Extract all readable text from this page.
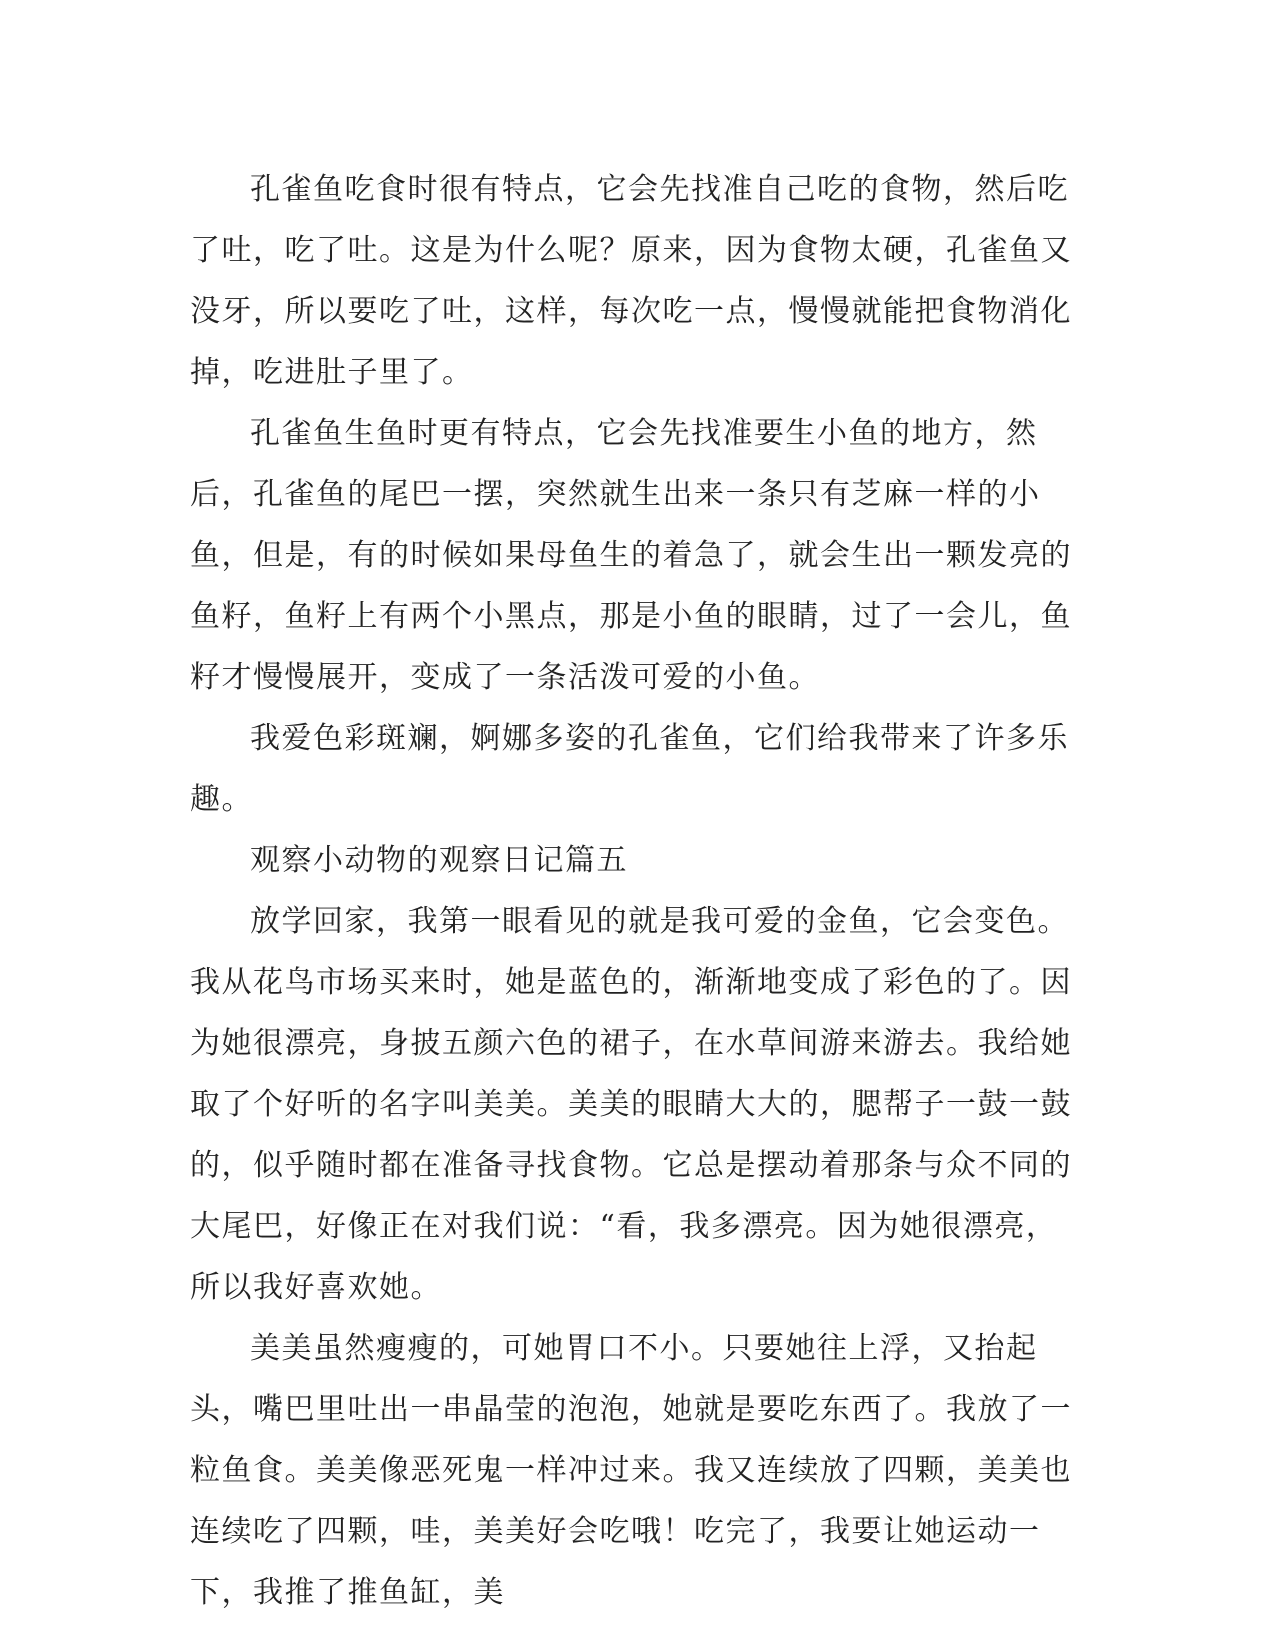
孔雀鱼吃食时很有特点，它会先找准自己吃的食物，然后吃了吐，吃了吐。这是为什么呢？原来，因为食物太硬，孔雀鱼又没牙，所以要吃了吐，这样，每次吃一点，慢慢就能把食物消化掉，吃进肚子里了。

孔雀鱼生鱼时更有特点，它会先找准要生小鱼的地方，然后，孔雀鱼的尾巴一摆，突然就生出来一条只有芝麻一样的小鱼，但是，有的时候如果母鱼生的着急了，就会生出一颗发亮的鱼籽，鱼籽上有两个小黑点，那是小鱼的眼睛，过了一会儿，鱼籽才慢慢展开，变成了一条活泼可爱的小鱼。

我爱色彩斑斓，婀娜多姿的孔雀鱼，它们给我带来了许多乐趣。

观察小动物的观察日记篇五

放学回家，我第一眼看见的就是我可爱的金鱼，它会变色。我从花鸟市场买来时，她是蓝色的，渐渐地变成了彩色的了。因为她很漂亮，身披五颜六色的裙子，在水草间游来游去。我给她取了个好听的名字叫美美。美美的眼睛大大的，腮帮子一鼓一鼓的，似乎随时都在准备寻找食物。它总是摆动着那条与众不同的大尾巴，好像正在对我们说：“看，我多漂亮。因为她很漂亮，所以我好喜欢她。

美美虽然瘦瘦的，可她胃口不小。只要她往上浮，又抬起头，嘴巴里吐出一串晶莹的泡泡，她就是要吃东西了。我放了一粒鱼食。美美像恶死鬼一样冲过来。我又连续放了四颗，美美也连续吃了四颗，哇，美美好会吃哦！吃完了，我要让她运动一下，我推了推鱼缸，美
